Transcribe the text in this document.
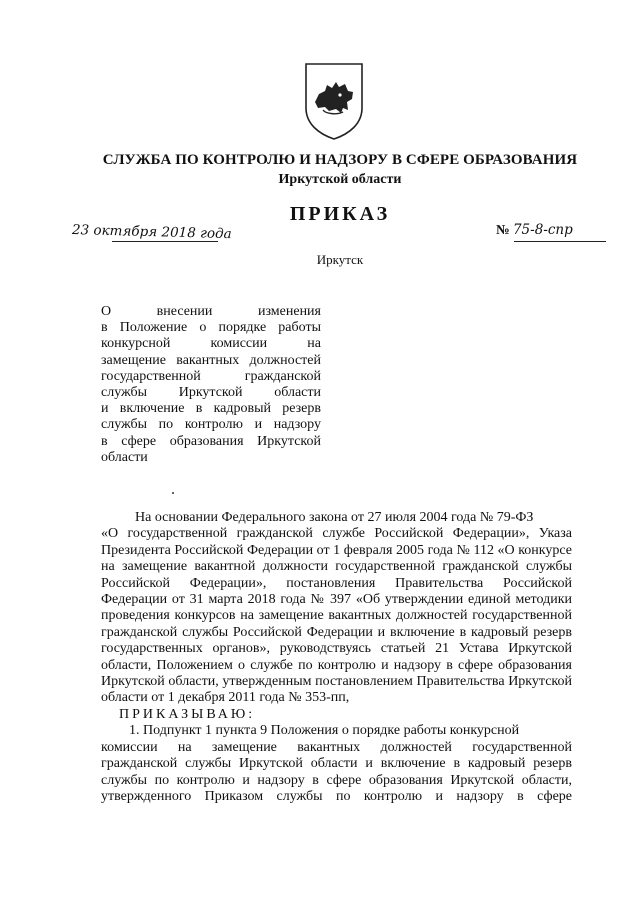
СЛУЖБА ПО КОНТРОЛЮ И НАДЗОРУ В СФЕРЕ ОБРАЗОВАНИЯ
Иркутской области
ПРИКАЗ
23 октября 2018 года	№ 75-8-спр
Иркутск
О внесении изменения
в Положение о порядке работы
конкурсной комиссии на
замещение вакантных должностей
государственной гражданской
службы Иркутской области
и включение в кадровый резерв
службы по контролю и надзору
в сфере образования Иркутской
области
На основании Федерального закона от 27 июля 2004 года № 79-ФЗ
«О государственной гражданской службе Российской Федерации», Указа
Президента Российской Федерации от 1 февраля 2005 года № 112 «О конкурсе
на замещение вакантной должности государственной гражданской службы
Российской Федерации», постановления Правительства Российской
Федерации от 31 марта 2018 года № 397 «Об утверждении единой методики
проведения конкурсов на замещение вакантных должностей государственной
гражданской службы Российской Федерации и включение в кадровый резерв
государственных органов», руководствуясь статьей 21 Устава Иркутской
области, Положением о службе по контролю и надзору в сфере образования
Иркутской области, утвержденным постановлением Правительства Иркутской
области от 1 декабря 2011 года № 353-пп,
ПРИКАЗЫВАЮ:
1. Подпункт 1 пункта 9 Положения о порядке работы конкурсной
комиссии на замещение вакантных должностей государственной
гражданской службы Иркутской области и включение в кадровый резерв
службы по контролю и надзору в сфере образования Иркутской области,
утвержденного Приказом службы по контролю и надзору в сфере
